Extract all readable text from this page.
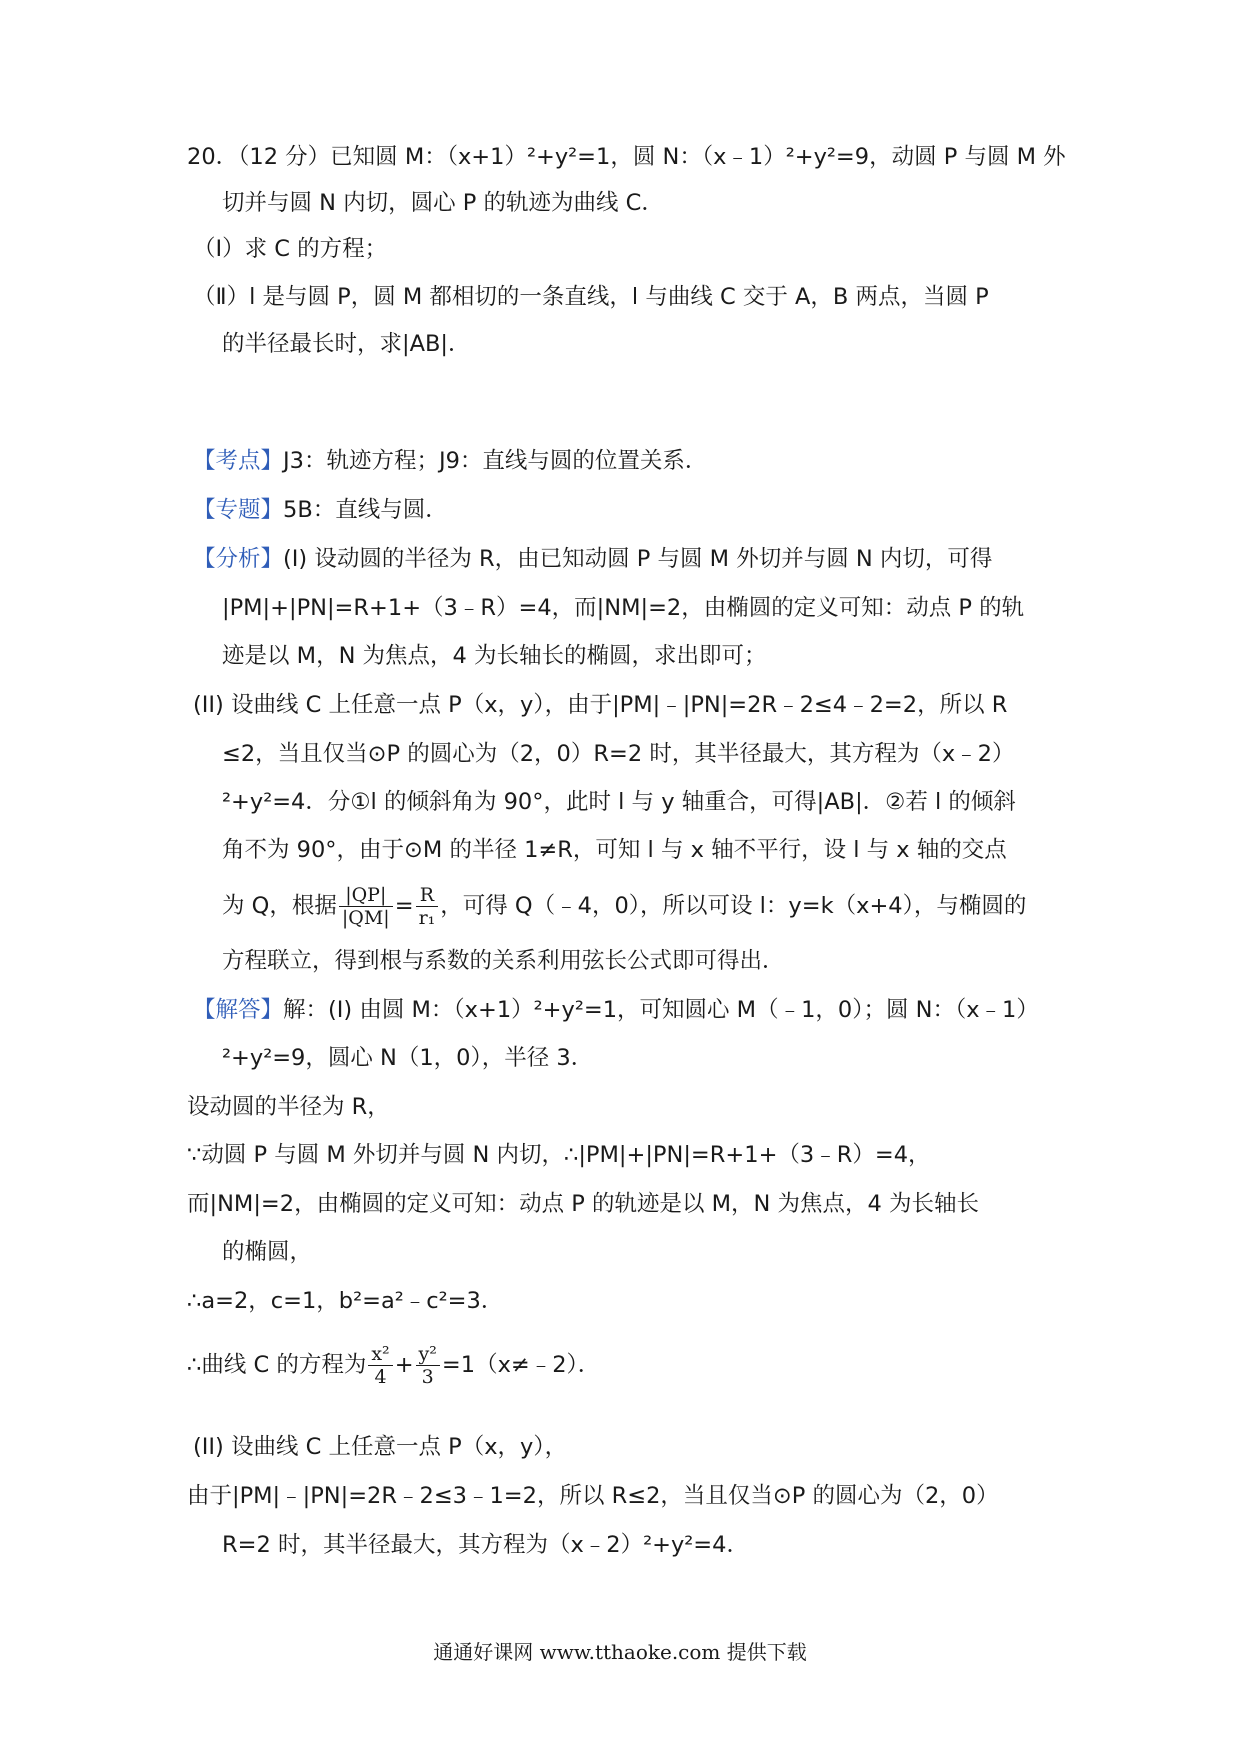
20．（12 分）已知圆 M：（x+1）²+y²=1，圆 N：（x﹣1）²+y²=9，动圆 P 与圆 M 外
切并与圆 N 内切，圆心 P 的轨迹为曲线 C．
（Ⅰ）求 C 的方程；
（Ⅱ）l 是与圆 P，圆 M 都相切的一条直线，l 与曲线 C 交于 A，B 两点，当圆 P
的半径最长时，求|AB|．
【考点】J3：轨迹方程；J9：直线与圆的位置关系．
【专题】5B：直线与圆．
【分析】(I) 设动圆的半径为 R，由已知动圆 P 与圆 M 外切并与圆 N 内切，可得
|PM|+|PN|=R+1+（3﹣R）=4，而|NM|=2，由椭圆的定义可知：动点 P 的轨
迹是以 M，N 为焦点，4 为长轴长的椭圆，求出即可；
(II) 设曲线 C 上任意一点 P（x，y），由于|PM|﹣|PN|=2R﹣2≤4﹣2=2，所以 R
≤2，当且仅当⊙P 的圆心为（2，0）R=2 时，其半径最大，其方程为（x﹣2）
²+y²=4．分①l 的倾斜角为 90°，此时 l 与 y 轴重合，可得|AB|．②若 l 的倾斜
角不为 90°，由于⊙M 的半径 1≠R，可知 l 与 x 轴不平行，设 l 与 x 轴的交点
为 Q，根据 $\frac{|QP|}{|QM|} = \frac{R}{\text{r₁}}$ ，可得 Q（﹣4，0），所以可设 l：y=k（x+4），与椭圆的
方程联立，得到根与系数的关系利用弦长公式即可得出．
【解答】解：(I) 由圆 M：（x+1）²+y²=1，可知圆心 M（﹣1，0）；圆 N：（x﹣1）
²+y²=9，圆心 N（1，0），半径 3．
设动圆的半径为 R，
∵动圆 P 与圆 M 外切并与圆 N 内切，∴|PM|+|PN|=R+1+（3﹣R）=4，
而|NM|=2，由椭圆的定义可知：动点 P 的轨迹是以 M，N 为焦点，4 为长轴长
的椭圆，
∴a=2，c=1，b²=a²﹣c²=3．
∴曲线 C 的方程为 $\frac{\text{x²}}{4} + \frac{\text{y²}}{3}$ =1（x≠﹣2）．
(II) 设曲线 C 上任意一点 P（x，y），
由于|PM|﹣|PN|=2R﹣2≤3﹣1=2，所以 R≤2，当且仅当⊙P 的圆心为（2，0）
R=2 时，其半径最大，其方程为（x﹣2）²+y²=4．
通通好课网 www.tthaoke.com 提供下载
